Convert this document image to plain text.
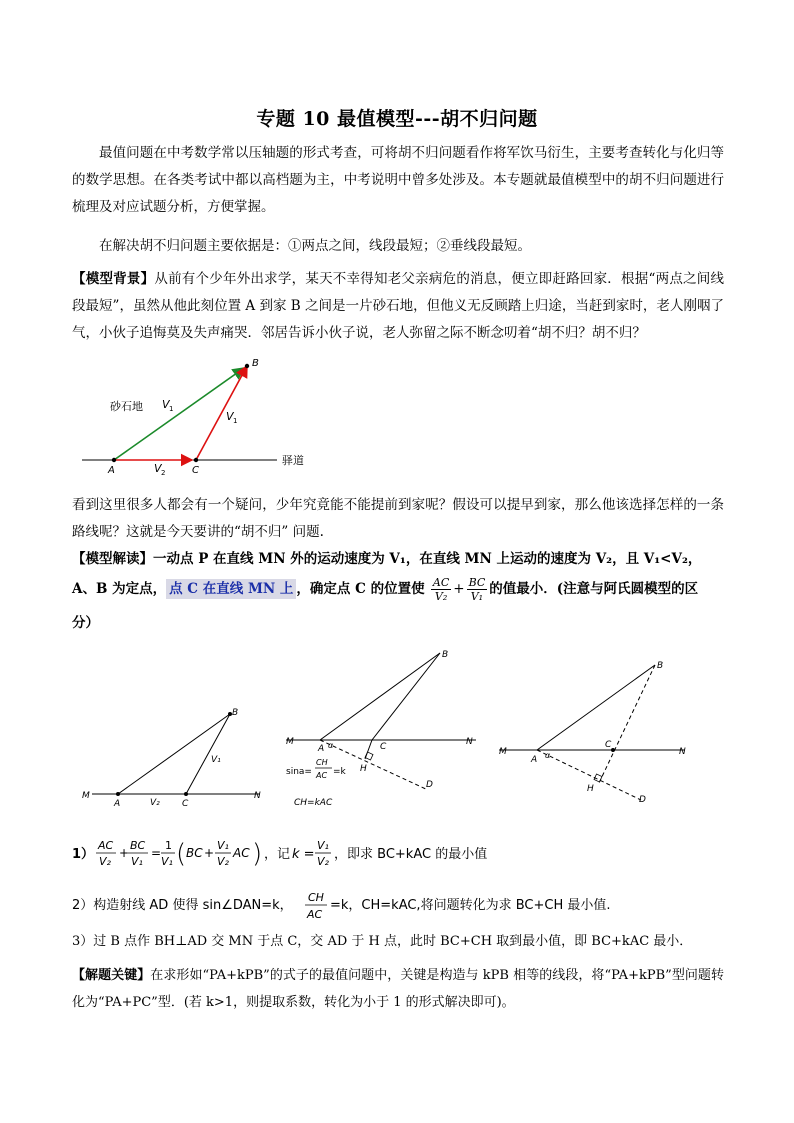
专题 10 最值模型---胡不归问题
最值问题在中考数学常以压轴题的形式考查，可将胡不归问题看作将军饮马衍生，主要考查转化与化归等的数学思想。在各类考试中都以高档题为主，中考说明中曾多处涉及。本专题就最值模型中的胡不归问题进行梳理及对应试题分析，方便掌握。
在解决胡不归问题主要依据是：①两点之间，线段最短；②垂线段最短。
【模型背景】从前有个少年外出求学，某天不幸得知老父亲病危的消息，便立即赶路回家．根据“两点之间线段最短”，虽然从他此刻位置 A 到家 B 之间是一片砂石地，但他义无反顾踏上归途，当赶到家时，老人刚咽了气，小伙子追悔莫及失声痛哭．邻居告诉小伙子说，老人弥留之际不断念叨着“胡不归？胡不归？
砂石地
驿道
A	C
B
V 1
V 1
V 2
看到这里很多人都会有一个疑问，少年究竟能不能提前到家呢？假设可以提早到家，那么他该选择怎样的一条路线呢？这就是今天要讲的“胡不归” 问题.
【模型解读】一动点 P 在直线 MN 外的运动速度为 V₁，在直线 MN 上运动的速度为 V₂，且 V₁<V₂，
A、B 为定点， 点 C 在直线 MN 上 ，确定点 C 的位置使 $\frac{AC}{\text{V₂}} + \frac{BC}{\text{V₁}}$ 的值最小．(注意与阿氏圆模型的区
分）
M	N
A	C
B
V₁
V₂
M	N
A α	C
H
B
D
sina=
CH
AC =k
CH=kAC
M	N
A α
C
H
B
D
1）
AC
V₂
+
BC
V₁
=
1
V₁ ( BC +
V₁
V₂
AC ) ，记 k =
V₁
V₂ ，即求 BC+kAC 的最小值
2）构造射线 AD 使得 sin∠DAN=k，
CH
AC
=k，CH=kAC,将问题转化为求 BC+CH 最小值.
3）过 B 点作 BH⊥AD 交 MN 于点 C，交 AD 于 H 点，此时 BC+CH 取到最小值，即 BC+kAC 最小．
【解题关键】在求形如“PA+kPB”的式子的最值问题中，关键是构造与 kPB 相等的线段，将“PA+kPB”型问题转化为“PA+PC”型．(若 k>1，则提取系数，转化为小于 1 的形式解决即可)。
